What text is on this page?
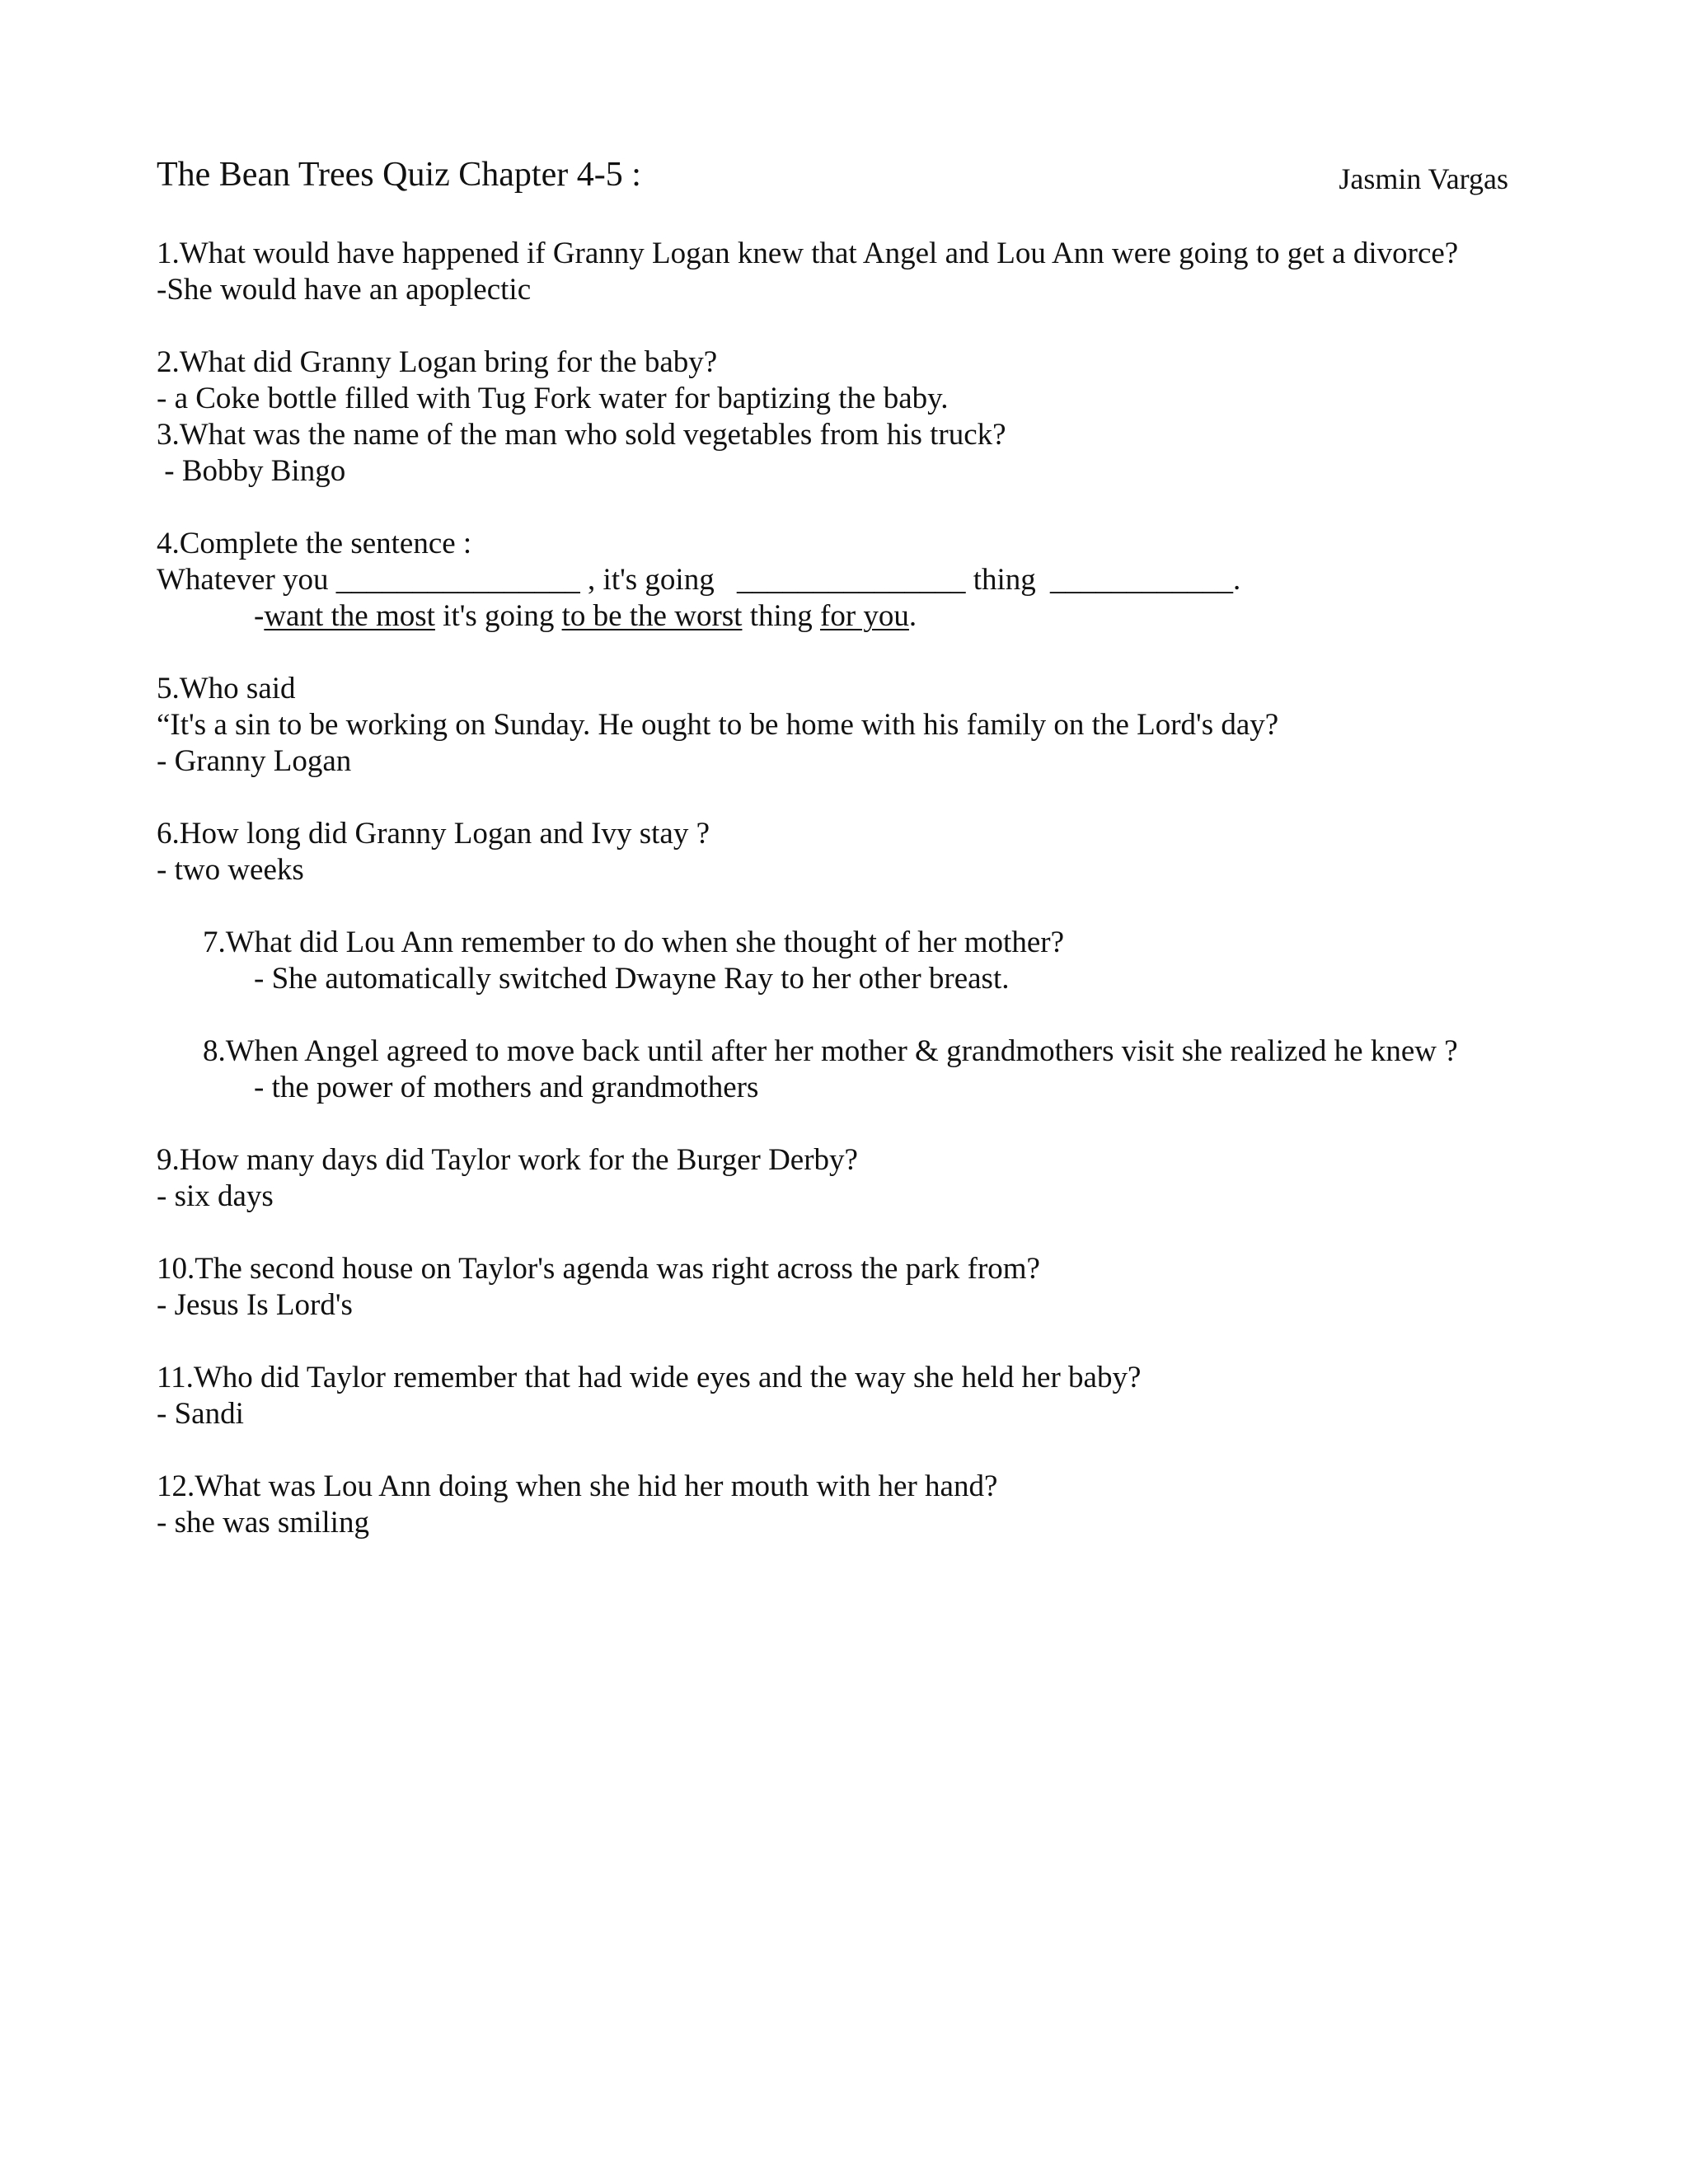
The Bean Trees Quiz Chapter 4-5 :	Jasmin Vargas
1.What would have happened if Granny Logan knew that Angel and Lou Ann were going to get a divorce?
-She would have an apoplectic
2.What did Granny Logan bring for the baby?
- a Coke bottle filled with Tug Fork water for baptizing the baby.
3.What was the name of the man who sold vegetables from his truck?
- Bobby Bingo
4.Complete the sentence :
Whatever you ________________ , it's going _______________ thing ____________.
-want the most it's going to be the worst thing for you.
5.Who said
“It's a sin to be working on Sunday. He ought to be home with his family on the Lord's day?
- Granny Logan
6.How long did Granny Logan and Ivy stay ?
- two weeks
7.What did Lou Ann remember to do when she thought of her mother?
- She automatically switched Dwayne Ray to her other breast.
8.When Angel agreed to move back until after her mother & grandmothers visit she realized he knew ?
- the power of mothers and grandmothers
9.How many days did Taylor work for the Burger Derby?
- six days
10.The second house on Taylor's agenda was right across the park from?
- Jesus Is Lord's
11.Who did Taylor remember that had wide eyes and the way she held her baby?
- Sandi
12.What was Lou Ann doing when she hid her mouth with her hand?
- she was smiling
